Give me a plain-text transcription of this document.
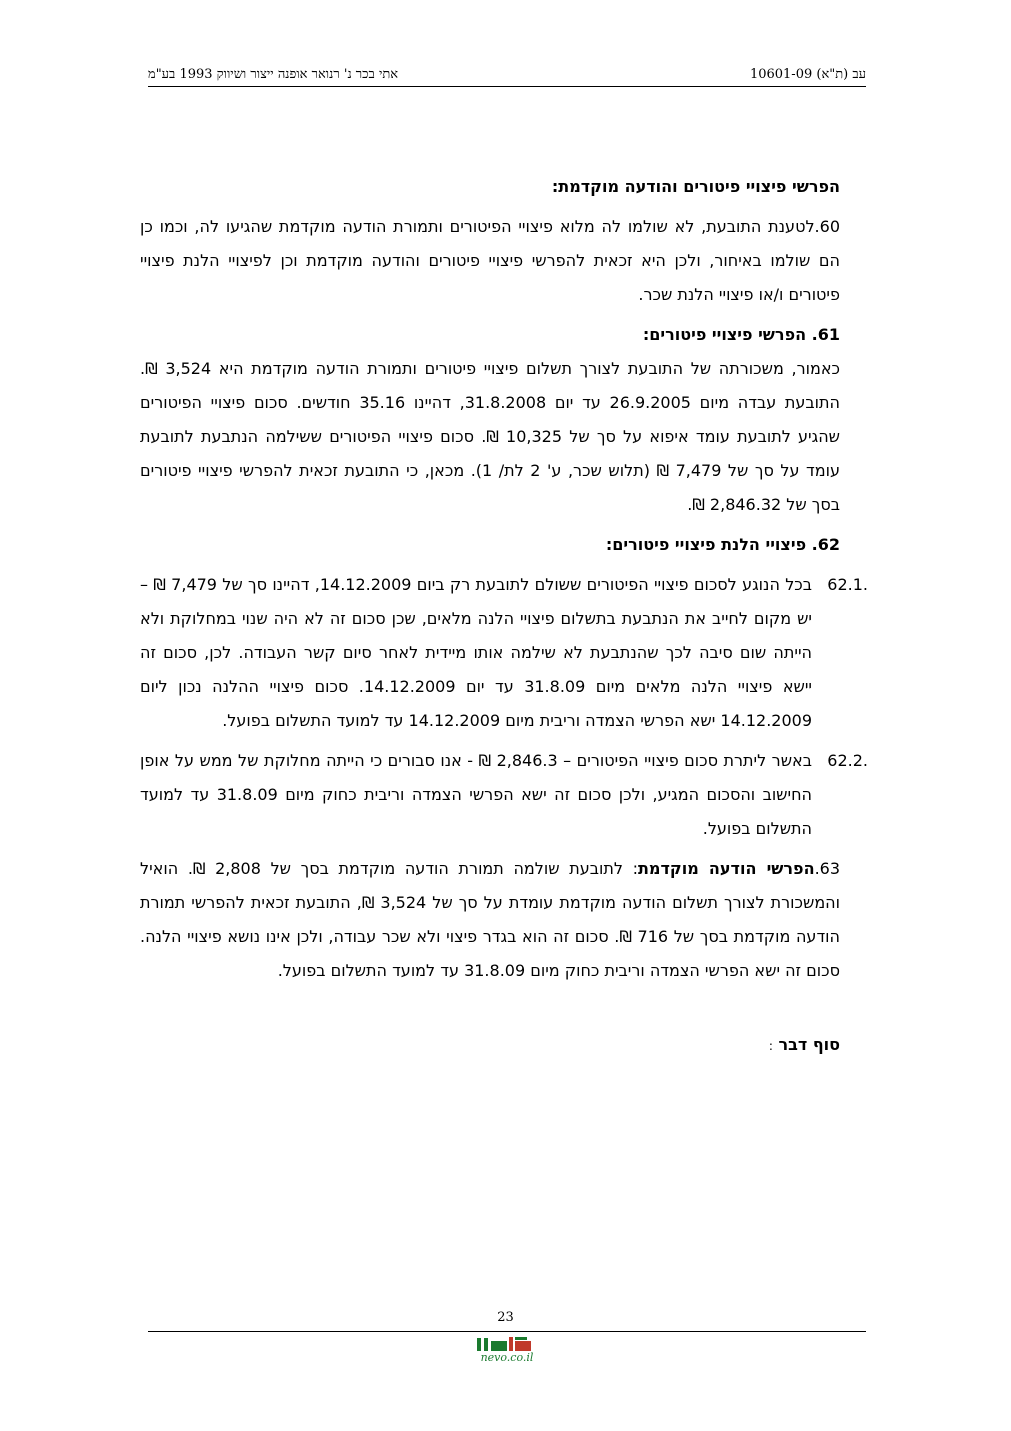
עב (ת"א) 10601-09
אתי בכר נ' רנואר אופנה ייצור ושיווק 1993 בע"מ

הפרשי פיצויי פיטורים והודעה מוקדמת:

60.לטענת התובעת, לא שולמו לה מלוא פיצויי הפיטורים ותמורת הודעה מוקדמת שהגיעו לה, וכמו כן הם שולמו באיחור, ולכן היא זכאית להפרשי פיצויי פיטורים והודעה מוקדמת וכן לפיצויי הלנת פיצויי פיטורים ו/או פיצויי הלנת שכר.

61. הפרשי פיצויי פיטורים:

כאמור, משכורתה של התובעת לצורך תשלום פיצויי פיטורים ותמורת הודעה מוקדמת היא 3,524 ₪. התובעת עבדה מיום 26.9.2005 עד יום 31.8.2008, דהיינו 35.16 חודשים. סכום פיצויי הפיטורים שהגיע לתובעת עומד איפוא על סך של 10,325 ₪. סכום פיצויי הפיטורים ששילמה הנתבעת לתובעת עומד על סך של 7,479 ₪ (תלוש שכר, ע' 2 לת/ 1). מכאן, כי התובעת זכאית להפרשי פיצויי פיטורים בסך של 2,846.32 ₪.

62. פיצויי הלנת פיצויי פיטורים:

62.1.

בכל הנוגע לסכום פיצויי הפיטורים ששולם לתובעת רק ביום 14.12.2009, דהיינו סך של 7,479 ₪ – יש מקום לחייב את הנתבעת בתשלום פיצויי הלנה מלאים, שכן סכום זה לא היה שנוי במחלוקת ולא הייתה שום סיבה לכך שהנתבעת לא שילמה אותו מיידית לאחר סיום קשר העבודה. לכן, סכום זה יישא פיצויי הלנה מלאים מיום 31.8.09 עד יום 14.12.2009. סכום פיצויי ההלנה נכון ליום 14.12.2009 ישא הפרשי הצמדה וריבית מיום 14.12.2009 עד למועד התשלום בפועל.

62.2.

באשר ליתרת סכום פיצויי הפיטורים – 2,846.3 ₪ - אנו סבורים כי הייתה מחלוקת של ממש על אופן החישוב והסכום המגיע, ולכן סכום זה ישא הפרשי הצמדה וריבית כחוק מיום 31.8.09 עד למועד התשלום בפועל.

63.הפרשי הודעה מוקדמת: לתובעת שולמה תמורת הודעה מוקדמת בסך של 2,808 ₪. הואיל והמשכורת לצורך תשלום הודעה מוקדמת עומדת על סך של 3,524 ₪, התובעת זכאית להפרשי תמורת הודעה מוקדמת בסך של 716 ₪. סכום זה הוא בגדר פיצוי ולא שכר עבודה, ולכן אינו נושא פיצויי הלנה. סכום זה ישא הפרשי הצמדה וריבית כחוק מיום 31.8.09 עד למועד התשלום בפועל.

סוף דבר :

23
nevo.co.il
